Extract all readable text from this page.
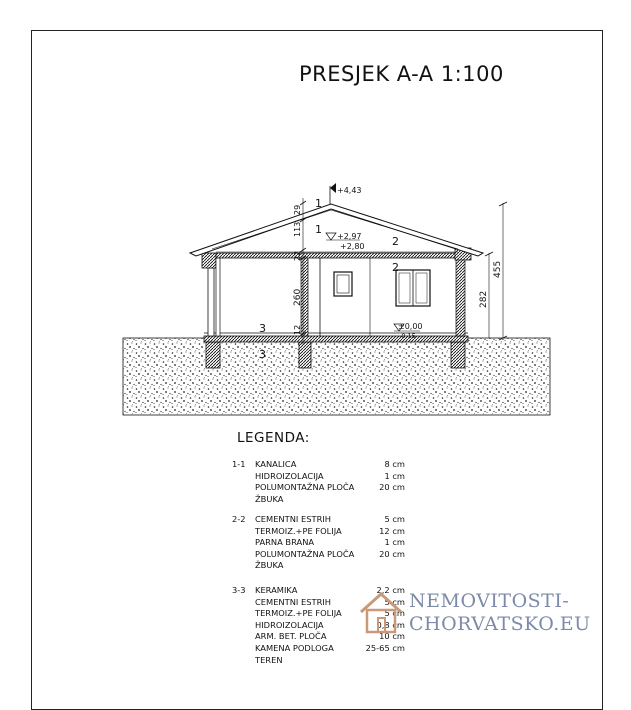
PRESJEK A-A 1:100
29
113
22
260
12
+4,43
+2,97
+2,80
±0,00
-0,15
455
282
1
1
2
2
3
3
LEGENDA:
1-1 KANALICA	8 cm
HIDROIZOLACIJA	1 cm
POLUMONTAŽNA PLOČA	20 cm
ŽBUKA
2-2 CEMENTNI ESTRIH	5 cm
TERMOIZ.+PE FOLIJA	12 cm
PARNA BRANA	1 cm
POLUMONTAŽNA PLOČA	20 cm
ŽBUKA
3-3 KERAMIKA	2,2 cm
CEMENTNI ESTRIH	5 cm
TERMOIZ.+PE FOLIJA	5 cm
HIDROIZOLACIJA	0,8 cm
ARM. BET. PLOČA	10 cm
KAMENA PODLOGA	25-65 cm
TEREN
NEMOVITOSTI-
CHORVATSKO.EU
